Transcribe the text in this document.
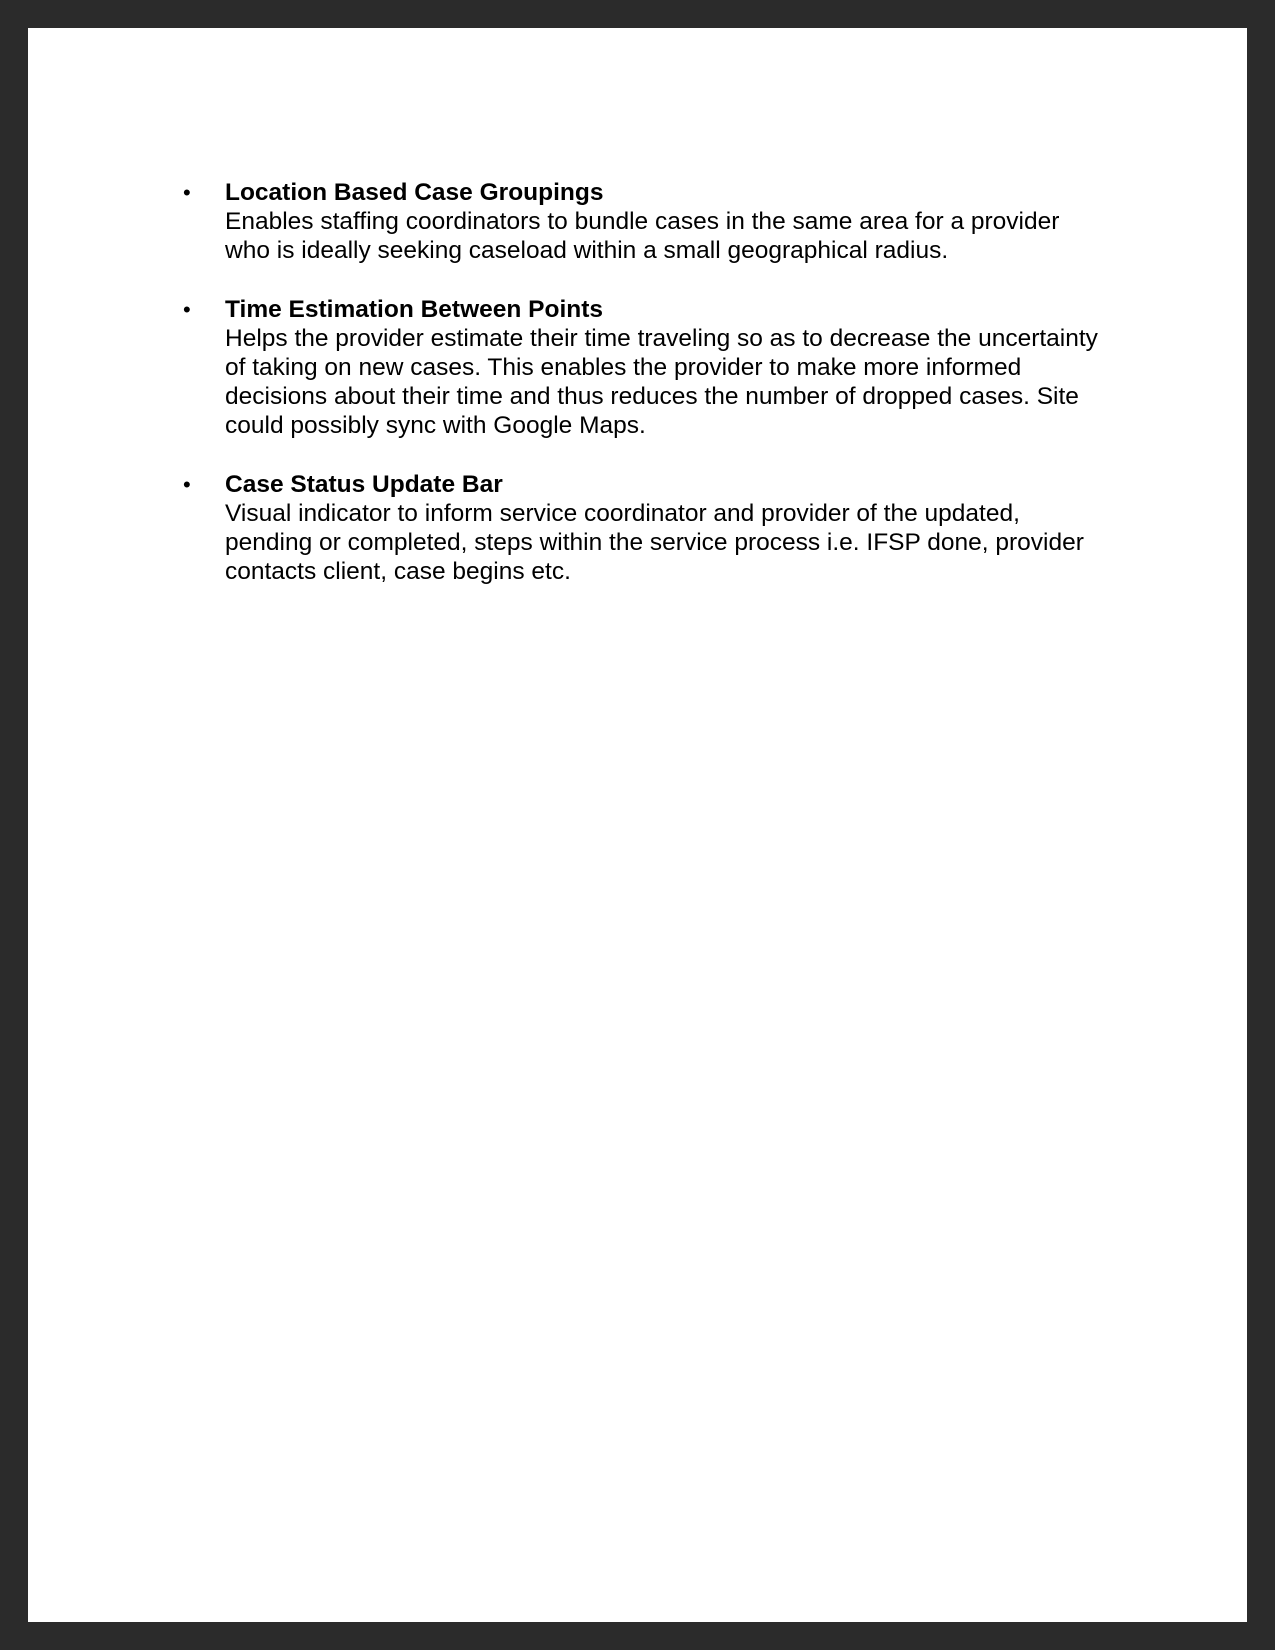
• Location Based Case Groupings
Enables staffing coordinators to bundle cases in the same area for a provider who is ideally seeking caseload within a small geographical radius.
• Time Estimation Between Points
Helps the provider estimate their time traveling so as to decrease the uncertainty of taking on new cases. This enables the provider to make more informed decisions about their time and thus reduces the number of dropped cases. Site could possibly sync with Google Maps.
• Case Status Update Bar
Visual indicator to inform service coordinator and provider of the updated, pending or completed, steps within the service process i.e. IFSP done, provider contacts client, case begins etc.
